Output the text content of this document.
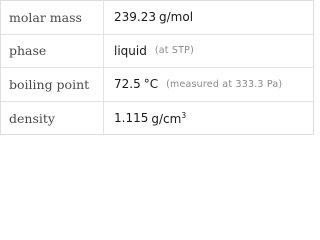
molar mass	239.23 g/mol
phase	liquid (at STP)
boiling point	72.5 °C (measured at 333.3 Pa)
density	1.115 $g/cm^3$
